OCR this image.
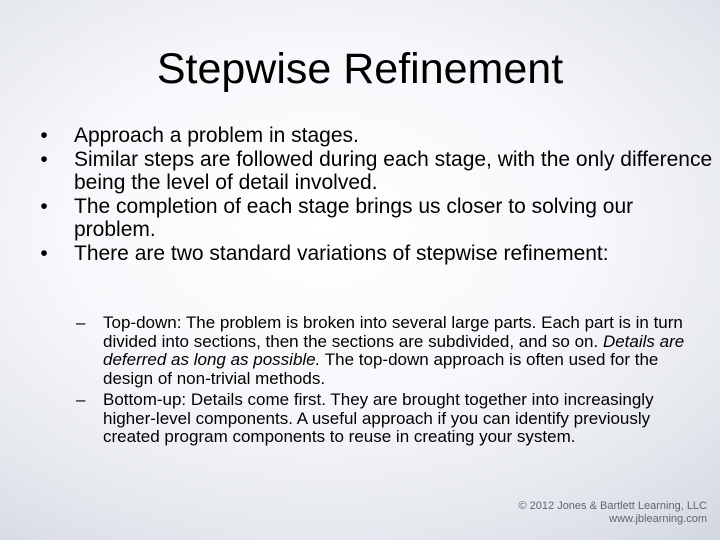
Stepwise Refinement
•	Approach a problem in stages.
•	Similar steps are followed during each stage, with the only difference being the level of detail involved.
•	The completion of each stage brings us closer to solving our problem.
•	There are two standard variations of stepwise refinement:
– Top-down: The problem is broken into several large parts. Each part is in turn divided into sections, then the sections are subdivided, and so on. Details are deferred as long as possible. The top-down approach is often used for the design of non-trivial methods.
– Bottom-up: Details come first. They are brought together into increasingly higher-level components. A useful approach if you can identify previously created program components to reuse in creating your system.
© 2012 Jones & Bartlett Learning, LLC
www.jblearning.com
